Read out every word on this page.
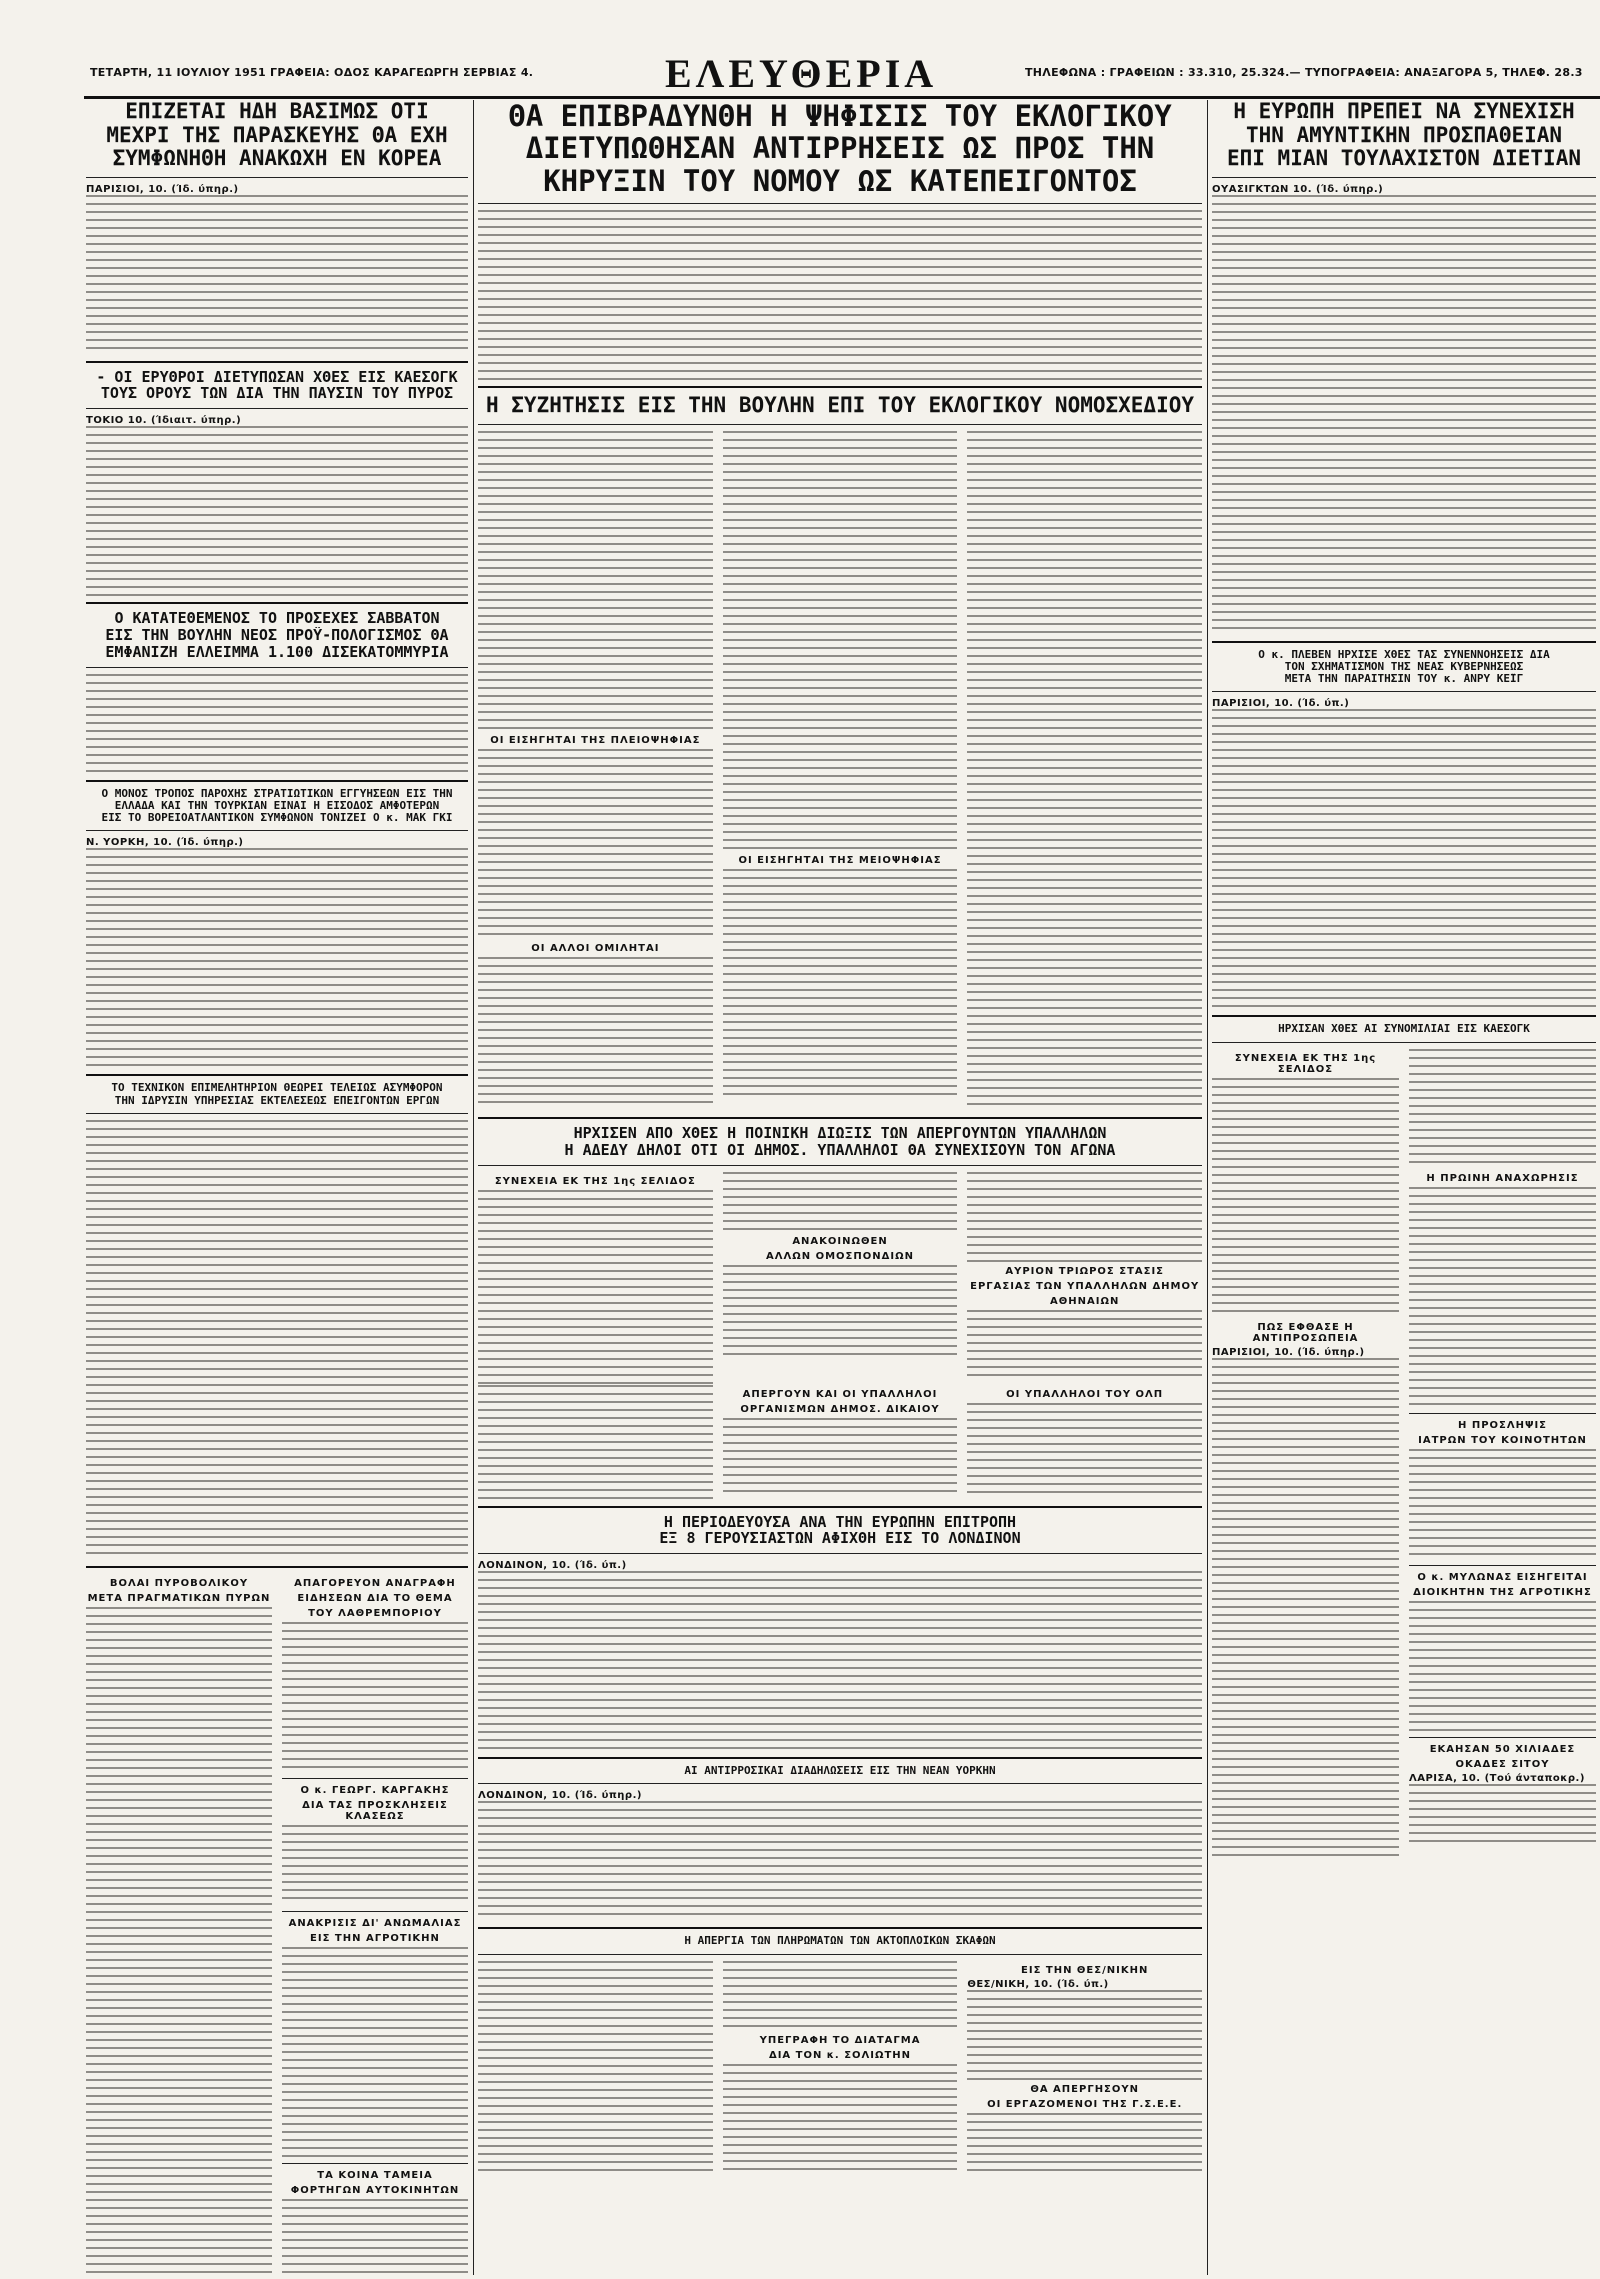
ΤΕΤΑΡΤΗ, 11 ΙΟΥΛΙΟΥ 1951 ΓΡΑΦΕΙΑ: ΟΔΟΣ ΚΑΡΑΓΕΩΡΓΗ ΣΕΡΒΙΑΣ 4.	ΕΛΕΥΘΕΡΙΑ	ΤΗΛΕΦΩΝΑ : ΓΡΑΦΕΙΩΝ : 33.310, 25.324.— ΤΥΠΟΓΡΑΦΕΙΑ: ΑΝΑΞΑΓΟΡΑ 5, ΤΗΛΕΦ. 28.3
ΕΠΙΖΕΤΑΙ ΗΔΗ ΒΑΣΙΜΩΣ ΟΤΙ
ΜΕΧΡΙ ΤΗΣ ΠΑΡΑΣΚΕΥΗΣ ΘΑ ΕΧΗ
ΣΥΜΦΩΝΗΘΗ ΑΝΑΚΩΧΗ ΕΝ ΚΟΡΕΑ
ΠΑΡΙΣΙΟΙ, 10. (Ίδ. ύπηρ.)
- ΟΙ ΕΡΥΘΡΟΙ ΔΙΕΤΥΠΩΣΑΝ ΧΘΕΣ ΕΙΣ ΚΑΕΣΟΓΚ
ΤΟΥΣ ΟΡΟΥΣ ΤΩΝ ΔΙΑ ΤΗΝ ΠΑΥΣΙΝ ΤΟΥ ΠΥΡΟΣ
ΤΟΚΙΟ 10. (Ίδιαιτ. ύπηρ.)
Ο ΚΑΤΑΤΕΘΕΜΕΝΟΣ ΤΟ ΠΡΟΣΕΧΕΣ ΣΑΒΒΑΤΟΝ
ΕΙΣ ΤΗΝ ΒΟΥΛΗΝ ΝΕΟΣ ΠΡΟΫ-ΠΟΛΟΓΙΣΜΟΣ ΘΑ
ΕΜΦΑΝΙΖΗ ΕΛΛΕΙΜΜΑ 1.100 ΔΙΣΕΚΑΤΟΜΜΥΡΙΑ
Ο ΜΟΝΟΣ ΤΡΟΠΟΣ ΠΑΡΟΧΗΣ ΣΤΡΑΤΙΩΤΙΚΩΝ ΕΓΓΥΗΣΕΩΝ ΕΙΣ ΤΗΝ
ΕΛΛΑΔΑ ΚΑΙ ΤΗΝ ΤΟΥΡΚΙΑΝ ΕΙΝΑΙ Η ΕΙΣΟΔΟΣ ΑΜΦΟΤΕΡΩΝ
ΕΙΣ ΤΟ ΒΟΡΕΙΟΑΤΛΑΝΤΙΚΟΝ ΣΥΜΦΩΝΟΝ ΤΟΝΙΖΕΙ Ο κ. ΜΑΚ ΓΚΙ
Ν. ΥΟΡΚΗ, 10. (Ίδ. ύπηρ.)
ΤΟ ΤΕΧΝΙΚΟΝ ΕΠΙΜΕΛΗΤΗΡΙΟΝ ΘΕΩΡΕΙ ΤΕΛΕΙΩΣ ΑΣΥΜΦΟΡΟΝ
ΤΗΝ ΙΔΡΥΣΙΝ ΥΠΗΡΕΣΙΑΣ ΕΚΤΕΛΕΣΕΩΣ ΕΠΕΙΓΟΝΤΩΝ ΕΡΓΩΝ
ΒΟΛΑΙ ΠΥΡΟΒΟΛΙΚΟΥ
ΜΕΤΑ ΠΡΑΓΜΑΤΙΚΩΝ ΠΥΡΩΝ
ΑΠΑΓΟΡΕΥΟΝ ΑΝΑΓΡΑΦΗ
ΕΙΔΗΣΕΩΝ ΔΙΑ ΤΟ ΘΕΜΑ
ΤΟΥ ΛΑΘΡΕΜΠΟΡΙΟΥ
Ο κ. ΓΕΩΡΓ. ΚΑΡΓΑΚΗΣ
ΔΙΑ ΤΑΣ ΠΡΟΣΚΛΗΣΕΙΣ ΚΛΑΣΕΩΣ
ΑΝΑΚΡΙΣΙΣ ΔΙ' ΑΝΩΜΑΛΙΑΣ
ΕΙΣ ΤΗΝ ΑΓΡΟΤΙΚΗΝ
ΤΑ ΚΟΙΝΑ ΤΑΜΕΙΑ
ΦΟΡΤΗΓΩΝ ΑΥΤΟΚΙΝΗΤΩΝ
ΘΑ ΕΠΙΒΡΑΔΥΝΘΗ Η ΨΗΦΙΣΙΣ ΤΟΥ ΕΚΛΟΓΙΚΟΥ
ΔΙΕΤΥΠΩΘΗΣΑΝ ΑΝΤΙΡΡΗΣΕΙΣ ΩΣ ΠΡΟΣ ΤΗΝ
ΚΗΡΥΞΙΝ ΤΟΥ ΝΟΜΟΥ ΩΣ ΚΑΤΕΠΕΙΓΟΝΤΟΣ
Η ΣΥΖΗΤΗΣΙΣ ΕΙΣ ΤΗΝ ΒΟΥΛΗΝ ΕΠΙ ΤΟΥ ΕΚΛΟΓΙΚΟΥ ΝΟΜΟΣΧΕΔΙΟΥ
ΟΙ ΕΙΣΗΓΗΤΑΙ ΤΗΣ ΠΛΕΙΟΨΗΦΙΑΣ
ΟΙ ΑΛΛΟΙ ΟΜΙΛΗΤΑΙ
ΟΙ ΕΙΣΗΓΗΤΑΙ ΤΗΣ ΜΕΙΟΨΗΦΙΑΣ
ΗΡΧΙΣΕΝ ΑΠΟ ΧΘΕΣ Η ΠΟΙΝΙΚΗ ΔΙΩΞΙΣ ΤΩΝ ΑΠΕΡΓΟΥΝΤΩΝ ΥΠΑΛΛΗΛΩΝ
Η ΑΔΕΔΥ ΔΗΛΟΙ ΟΤΙ ΟΙ ΔΗΜΟΣ. ΥΠΑΛΛΗΛΟΙ ΘΑ ΣΥΝΕΧΙΣΟΥΝ ΤΟΝ ΑΓΩΝΑ
ΣΥΝΕΧΕΙΑ ΕΚ ΤΗΣ 1ης ΣΕΛΙΔΟΣ
ΑΝΑΚΟΙΝΩΘΕΝ
ΑΛΛΩΝ ΟΜΟΣΠΟΝΔΙΩΝ
ΑΥΡΙΟΝ ΤΡΙΩΡΟΣ ΣΤΑΣΙΣ
ΕΡΓΑΣΙΑΣ ΤΩΝ ΥΠΑΛΛΗΛΩΝ ΔΗΜΟΥ
ΑΘΗΝΑΙΩΝ
ΑΠΕΡΓΟΥΝ ΚΑΙ ΟΙ ΥΠΑΛΛΗΛΟΙ
ΟΡΓΑΝΙΣΜΩΝ ΔΗΜΟΣ. ΔΙΚΑΙΟΥ
ΟΙ ΥΠΑΛΛΗΛΟΙ ΤΟΥ ΟΛΠ
Η ΠΕΡΙΟΔΕΥΟΥΣΑ ΑΝΑ ΤΗΝ ΕΥΡΩΠΗΝ ΕΠΙΤΡΟΠΗ
ΕΞ 8 ΓΕΡΟΥΣΙΑΣΤΩΝ ΑΦΙΧΘΗ ΕΙΣ ΤΟ ΛΟΝΔΙΝΟΝ
ΛΟΝΔΙΝΟΝ, 10. (Ίδ. ύπ.)
ΑΙ ΑΝΤΙΡΡΟΣΙΚΑΙ ΔΙΑΔΗΛΩΣΕΙΣ ΕΙΣ ΤΗΝ ΝΕΑΝ ΥΟΡΚΗΝ
ΛΟΝΔΙΝΟΝ, 10. (Ίδ. ύπηρ.)
Η ΑΠΕΡΓΙΑ ΤΩΝ ΠΛΗΡΩΜΑΤΩΝ ΤΩΝ ΑΚΤΟΠΛΟΪΚΩΝ ΣΚΑΦΩΝ
ΥΠΕΓΡΑΦΗ ΤΟ ΔΙΑΤΑΓΜΑ
ΔΙΑ ΤΟΝ κ. ΣΟΛΙΩΤΗΝ
ΕΙΣ ΤΗΝ ΘΕΣ/ΝΙΚΗΝ
ΘΕΣ/ΝΙΚΗ, 10. (Ίδ. ύπ.)
ΘΑ ΑΠΕΡΓΗΣΟΥΝ
ΟΙ ΕΡΓΑΖΟΜΕΝΟΙ ΤΗΣ Γ.Σ.Ε.Ε.
Η ΕΥΡΩΠΗ ΠΡΕΠΕΙ ΝΑ ΣΥΝΕΧΙΣΗ
ΤΗΝ ΑΜΥΝΤΙΚΗΝ ΠΡΟΣΠΑΘΕΙΑΝ
ΕΠΙ ΜΙΑΝ ΤΟΥΛΑΧΙΣΤΟΝ ΔΙΕΤΙΑΝ
ΟΥΑΣΙΓΚΤΩΝ 10. (Ίδ. ύπηρ.)
Ο κ. ΠΛΕΒΕΝ ΗΡΧΙΣΕ ΧΘΕΣ ΤΑΣ ΣΥΝΕΝΝΟΗΣΕΙΣ ΔΙΑ
ΤΟΝ ΣΧΗΜΑΤΙΣΜΟΝ ΤΗΣ ΝΕΑΣ ΚΥΒΕΡΝΗΣΕΩΣ
ΜΕΤΑ ΤΗΝ ΠΑΡΑΙΤΗΣΙΝ ΤΟΥ κ. ΑΝΡΥ ΚΕΪΓ
ΠΑΡΙΣΙΟΙ, 10. (Ίδ. ύπ.)
ΗΡΧΙΣΑΝ ΧΘΕΣ ΑΙ ΣΥΝΟΜΙΛΙΑΙ ΕΙΣ ΚΑΕΣΟΓΚ
ΣΥΝΕΧΕΙΑ ΕΚ ΤΗΣ 1ης ΣΕΛΙΔΟΣ
ΠΩΣ ΕΦΘΑΣΕ Η ΑΝΤΙΠΡΟΣΩΠΕΙΑ
ΠΑΡΙΣΙΟΙ, 10. (Ίδ. ύπηρ.)
Η ΠΡΩΙΝΗ ΑΝΑΧΩΡΗΣΙΣ
Η ΠΡΟΣΛΗΨΙΣ
ΙΑΤΡΩΝ ΤΟΥ ΚΟΙΝΟΤΗΤΩΝ
Ο κ. ΜΥΛΩΝΑΣ ΕΙΣΗΓΕΙΤΑΙ
ΔΙΟΙΚΗΤΗΝ ΤΗΣ ΑΓΡΟΤΙΚΗΣ
ΕΚΑΗΣΑΝ 50 ΧΙΛΙΑΔΕΣ
ΟΚΑΔΕΣ ΣΙΤΟΥ
ΛΑΡΙΣΑ, 10. (Τού άνταποκρ.)
